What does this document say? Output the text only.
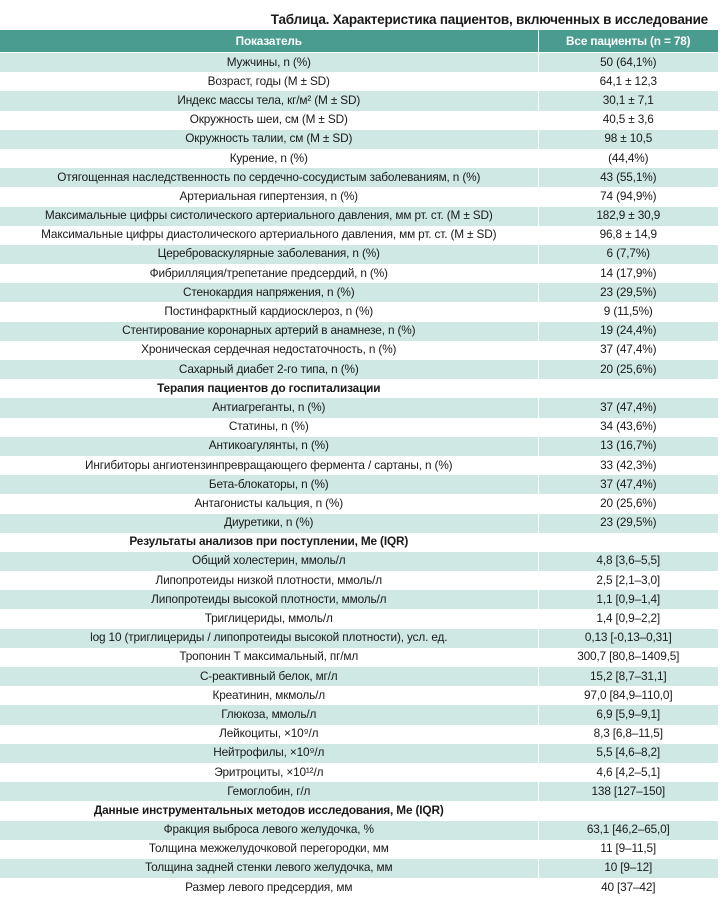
Таблица. Характеристика пациентов, включенных в исследование
Показатель	Все пациенты (n = 78)
Мужчины, n (%)	50 (64,1%)
Возраст, годы (M ± SD)	64,1 ± 12,3
Индекс массы тела, кг/м² (M ± SD)	30,1 ± 7,1
Окружность шеи, см (M ± SD)	40,5 ± 3,6
Окружность талии, см (M ± SD)	98 ± 10,5
Курение, n (%)	(44,4%)
Отягощенная наследственность по сердечно-сосудистым заболеваниям, n (%)	43 (55,1%)
Артериальная гипертензия, n (%)	74 (94,9%)
Максимальные цифры систолического артериального давления, мм рт. ст. (M ± SD)	182,9 ± 30,9
Максимальные цифры диастолического артериального давления, мм рт. ст. (M ± SD)	96,8 ± 14,9
Цереброваскулярные заболевания, n (%)	6 (7,7%)
Фибрилляция/трепетание предсердий, n (%)	14 (17,9%)
Стенокардия напряжения, n (%)	23 (29,5%)
Постинфарктный кардиосклероз, n (%)	9 (11,5%)
Стентирование коронарных артерий в анамнезе, n (%)	19 (24,4%)
Хроническая сердечная недостаточность, n (%)	37 (47,4%)
Сахарный диабет 2-го типа, n (%)	20 (25,6%)
Терапия пациентов до госпитализации	
Антиагреганты, n (%)	37 (47,4%)
Статины, n (%)	34 (43,6%)
Антикоагулянты, n (%)	13 (16,7%)
Ингибиторы ангиотензинпревращающего фермента / сартаны, n (%)	33 (42,3%)
Бета-блокаторы, n (%)	37 (47,4%)
Антагонисты кальция, n (%)	20 (25,6%)
Диуретики, n (%)	23 (29,5%)
Результаты анализов при поступлении, Me (IQR)	
Общий холестерин, ммоль/л	4,8 [3,6–5,5]
Липопротеиды низкой плотности, ммоль/л	2,5 [2,1–3,0]
Липопротеиды высокой плотности, ммоль/л	1,1 [0,9–1,4]
Триглицериды, ммоль/л	1,4 [0,9–2,2]
log 10 (триглицериды / липопротеиды высокой плотности), усл. ед.	0,13 [-0,13–0,31]
Тропонин Т максимальный, пг/мл	300,7 [80,8–1409,5]
С-реактивный белок, мг/л	15,2 [8,7–31,1]
Креатинин, мкмоль/л	97,0 [84,9–110,0]
Глюкоза, ммоль/л	6,9 [5,9–9,1]
Лейкоциты, ×10⁹/л	8,3 [6,8–11,5]
Нейтрофилы, ×10⁹/л	5,5 [4,6–8,2]
Эритроциты, ×10¹²/л	4,6 [4,2–5,1]
Гемоглобин, г/л	138 [127–150]
Данные инструментальных методов исследования, Me (IQR)	
Фракция выброса левого желудочка, %	63,1 [46,2–65,0]
Толщина межжелудочковой перегородки, мм	11 [9–11,5]
Толщина задней стенки левого желудочка, мм	10 [9–12]
Размер левого предсердия, мм	40 [37–42]
